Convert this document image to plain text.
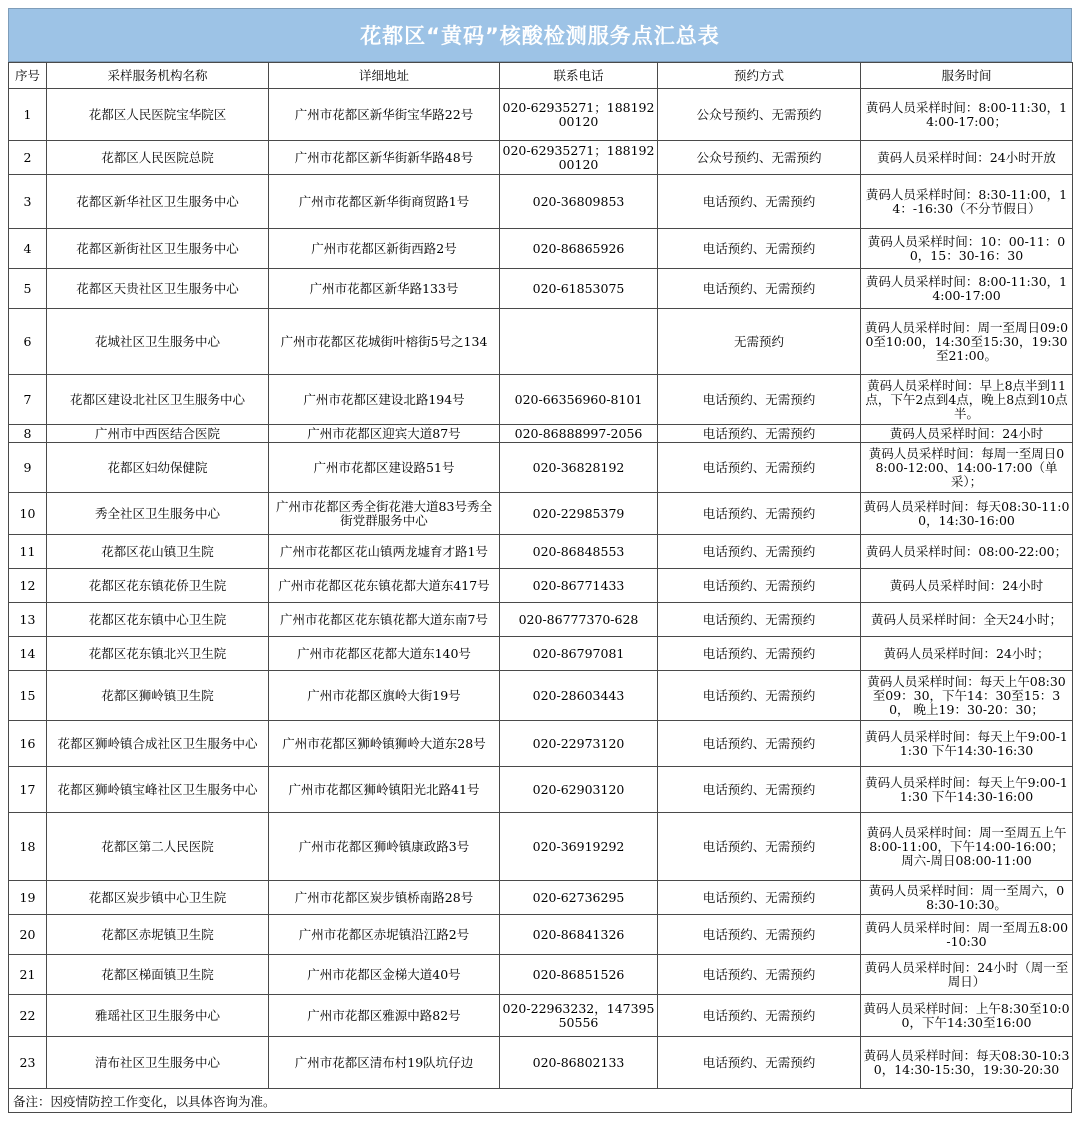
花都区“黄码”核酸检测服务点汇总表
序号	采样服务机构名称	详细地址	联系电话	预约方式	服务时间
1	花都区人民医院宝华院区	广州市花都区新华街宝华路22号	020-62935271；18819200120	公众号预约、无需预约	黄码人员采样时间：8:00-11:30，14:00-17:00；
2	花都区人民医院总院	广州市花都区新华街新华路48号	020-62935271；18819200120	公众号预约、无需预约	黄码人员采样时间：24小时开放
3	花都区新华社区卫生服务中心	广州市花都区新华街商贸路1号	020-36809853	电话预约、无需预约	黄码人员采样时间：8:30-11:00，14：-16:30（不分节假日）
4	花都区新街社区卫生服务中心	广州市花都区新街西路2号	020-86865926	电话预约、无需预约	黄码人员采样时间：10：00-11：00，15：30-16：30
5	花都区天贵社区卫生服务中心	广州市花都区新华路133号	020-61853075	电话预约、无需预约	黄码人员采样时间：8:00-11:30，14:00-17:00
6	花城社区卫生服务中心	广州市花都区花城街叶榕街5号之134		无需预约	黄码人员采样时间：周一至周日09:00至10:00，14:30至15:30，19:30至21:00。
7	花都区建设北社区卫生服务中心	广州市花都区建设北路194号	020-66356960-8101	电话预约、无需预约	黄码人员采样时间：早上8点半到11点，下午2点到4点，晚上8点到10点半。
8	广州市中西医结合医院	广州市花都区迎宾大道87号	020-86888997-2056	电话预约、无需预约	黄码人员采样时间：24小时
9	花都区妇幼保健院	广州市花都区建设路51号	020-36828192	电话预约、无需预约	黄码人员采样时间：每周一至周日08:00-12:00、14:00-17:00（单采）；
10	秀全社区卫生服务中心	广州市花都区秀全街花港大道83号秀全街党群服务中心	020-22985379	电话预约、无需预约	黄码人员采样时间：每天08:30-11:00，14:30-16:00
11	花都区花山镇卫生院	广州市花都区花山镇两龙墟育才路1号	020-86848553	电话预约、无需预约	黄码人员采样时间：08:00-22:00；
12	花都区花东镇花侨卫生院	广州市花都区花东镇花都大道东417号	020-86771433	电话预约、无需预约	黄码人员采样时间：24小时
13	花都区花东镇中心卫生院	广州市花都区花东镇花都大道东南7号	020-86777370-628	电话预约、无需预约	黄码人员采样时间：全天24小时；
14	花都区花东镇北兴卫生院	广州市花都区花都大道东140号	020-86797081	电话预约、无需预约	黄码人员采样时间：24小时；
15	花都区狮岭镇卫生院	广州市花都区旗岭大街19号	020-28603443	电话预约、无需预约	黄码人员采样时间：每天上午08:30至09：30，下午14：30至15：30， 晚上19：30-20：30；
16	花都区狮岭镇合成社区卫生服务中心	广州市花都区狮岭镇狮岭大道东28号	020-22973120	电话预约、无需预约	黄码人员采样时间：每天上午9:00-11:30 下午14:30-16:30
17	花都区狮岭镇宝峰社区卫生服务中心	广州市花都区狮岭镇阳光北路41号	020-62903120	电话预约、无需预约	黄码人员采样时间：每天上午9:00-11:30 下午14:30-16:00
18	花都区第二人民医院	广州市花都区狮岭镇康政路3号	020-36919292	电话预约、无需预约	黄码人员采样时间：周一至周五上午8:00-11:00，下午14:00-16:00；周六-周日08:00-11:00
19	花都区炭步镇中心卫生院	广州市花都区炭步镇桥南路28号	020-62736295	电话预约、无需预约	黄码人员采样时间：周一至周六，08:30-10:30。
20	花都区赤坭镇卫生院	广州市花都区赤坭镇沿江路2号	020-86841326	电话预约、无需预约	黄码人员采样时间：周一至周五8:00-10:30
21	花都区梯面镇卫生院	广州市花都区金梯大道40号	020-86851526	电话预约、无需预约	黄码人员采样时间：24小时（周一至周日）
22	雅瑶社区卫生服务中心	广州市花都区雅源中路82号	020-22963232，14739550556	电话预约、无需预约	黄码人员采样时间：上午8:30至10:00，下午14:30至16:00
23	清布社区卫生服务中心	广州市花都区清布村19队坑仔边	020-86802133	电话预约、无需预约	黄码人员采样时间：每天08:30-10:30，14:30-15:30，19:30-20:30
备注：因疫情防控工作变化，以具体咨询为准。
